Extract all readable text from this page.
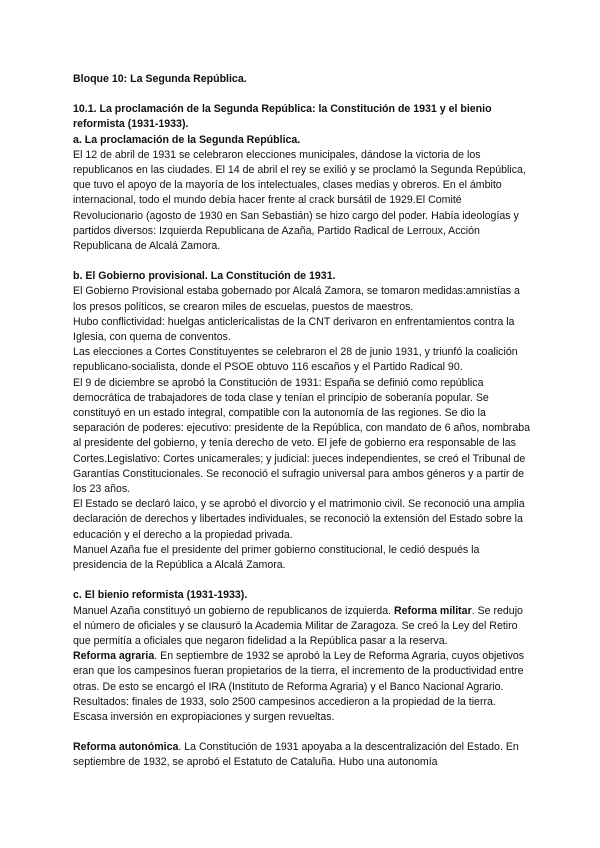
Bloque 10: La Segunda República.

10.1. La proclamación de la Segunda República: la Constitución de 1931 y el bienio reformista (1931-1933).

a. La proclamación de la Segunda República.

El 12 de abril de 1931 se celebraron elecciones municipales, dándose la victoria de los republicanos en las ciudades. El 14 de abril el rey se exilió y se proclamó la Segunda República, que tuvo el apoyo de la mayoría de los intelectuales, clases medias y obreros. En el ámbito internacional, todo el mundo debía hacer frente al crack bursátil de 1929.El Comité Revolucionario (agosto de 1930 en San Sebastián) se hizo cargo del poder. Había ideologías y partidos diversos: Izquierda Republicana de Azaña, Partido Radical de Lerroux, Acción Republicana de Alcalá Zamora.

b. El Gobierno provisional. La Constitución de 1931.

El Gobierno Provisional estaba gobernado por Alcalá Zamora, se tomaron medidas:amnistías a los presos políticos, se crearon miles de escuelas, puestos de maestros.

Hubo conflictividad: huelgas anticlericalistas de la CNT derivaron en enfrentamientos contra la Iglesia, con quema de conventos.

Las elecciones a Cortes Constituyentes se celebraron el 28 de junio 1931, y triunfó la coalición republicano-socialista, donde el PSOE obtuvo 116 escaños y el Partido Radical 90.

El 9 de diciembre se aprobó la Constitución de 1931: España se definió como república democrática de trabajadores de toda clase y tenían el principio de soberanía popular. Se constituyó en un estado integral, compatible con la autonomía de las regiones. Se dio la separación de poderes: ejecutivo: presidente de la República, con mandato de 6 años, nombraba al presidente del gobierno, y tenía derecho de veto. El jefe de gobierno era responsable de las Cortes.Legislativo: Cortes unicamerales; y judicial: jueces independientes, se creó el Tribunal de Garantías Constitucionales. Se reconoció el sufragio universal para ambos géneros y a partir de los 23 años.

El Estado se declaró laico, y se aprobó el divorcio y el matrimonio civil. Se reconoció una amplia declaración de derechos y libertades individuales, se reconoció la extensión del Estado sobre la educación y el derecho a la propiedad privada.

Manuel Azaña fue el presidente del primer gobierno constitucional, le cedió después la presidencia de la República a Alcalá Zamora.

c. El bienio reformista (1931-1933).

Manuel Azaña constituyó un gobierno de republicanos de izquierda. Reforma militar. Se redujo el número de oficiales y se clausuró la Academia Militar de Zaragoza. Se creó la Ley del Retiro que permitía a oficiales que negaron fidelidad a la República pasar a la reserva.

Reforma agraria. En septiembre de 1932 se aprobó la Ley de Reforma Agraria, cuyos objetivos eran que los campesinos fueran propietarios de la tierra, el incremento de la productividad entre otras. De esto se encargó el IRA (Instituto de Reforma Agraria) y el Banco Nacional Agrario. Resultados: finales de 1933, solo 2500 campesinos accedieron a la propiedad de la tierra. Escasa inversión en expropiaciones y surgen revueltas.

Reforma autonómica. La Constitución de 1931 apoyaba a la descentralización del Estado. En septiembre de 1932, se aprobó el Estatuto de Cataluña. Hubo una autonomía
